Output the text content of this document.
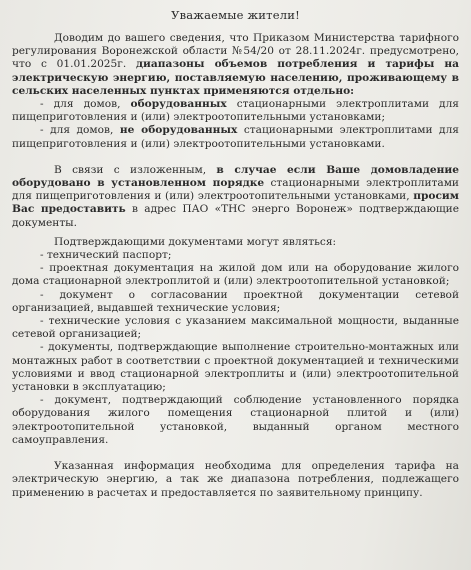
Уважаемые жители!

Доводим до вашего сведения, что Приказом Министерства тарифного регулирования Воронежской области №54/20 от 28.11.2024г. предусмотрено, что с 01.01.2025г. диапазоны объемов потребления и тарифы на электрическую энергию, поставляемую населению, проживающему в сельских населенных пунктах применяются отдельно:

- для домов, оборудованных стационарными электроплитами для пищеприготовления и (или) электроотопительными установками;

- для домов, не оборудованных стационарными электроплитами для пищеприготовления и (или) электроотопительными установками.

В связи с изложенным, в случае если Ваше домовладение оборудовано в установленном порядке стационарными электроплитами для пищеприготовления и (или) электроотопительными установками, просим Вас предоставить в адрес ПАО «ТНС энерго Воронеж» подтверждающие документы.

Подтверждающими документами могут являться:

- технический паспорт;

- проектная документация на жилой дом или на оборудование жилого дома стационарной электроплитой и (или) электроотопительной установкой;

- документ о согласовании проектной документации сетевой организацией, выдавшей технические условия;

- технические условия с указанием максимальной мощности, выданные сетевой организацией;

- документы, подтверждающие выполнение строительно-монтажных или монтажных работ в соответствии с проектной документацией и техническими условиями и ввод стационарной электроплиты и (или) электроотопительной установки в эксплуатацию;

- документ, подтверждающий соблюдение установленного порядка оборудования жилого помещения стационарной плитой и (или) электроотопительной установкой, выданный органом местного самоуправления.

Указанная информация необходима для определения тарифа на электрическую энергию, а так же диапазона потребления, подлежащего применению в расчетах и предоставляется по заявительному принципу.
